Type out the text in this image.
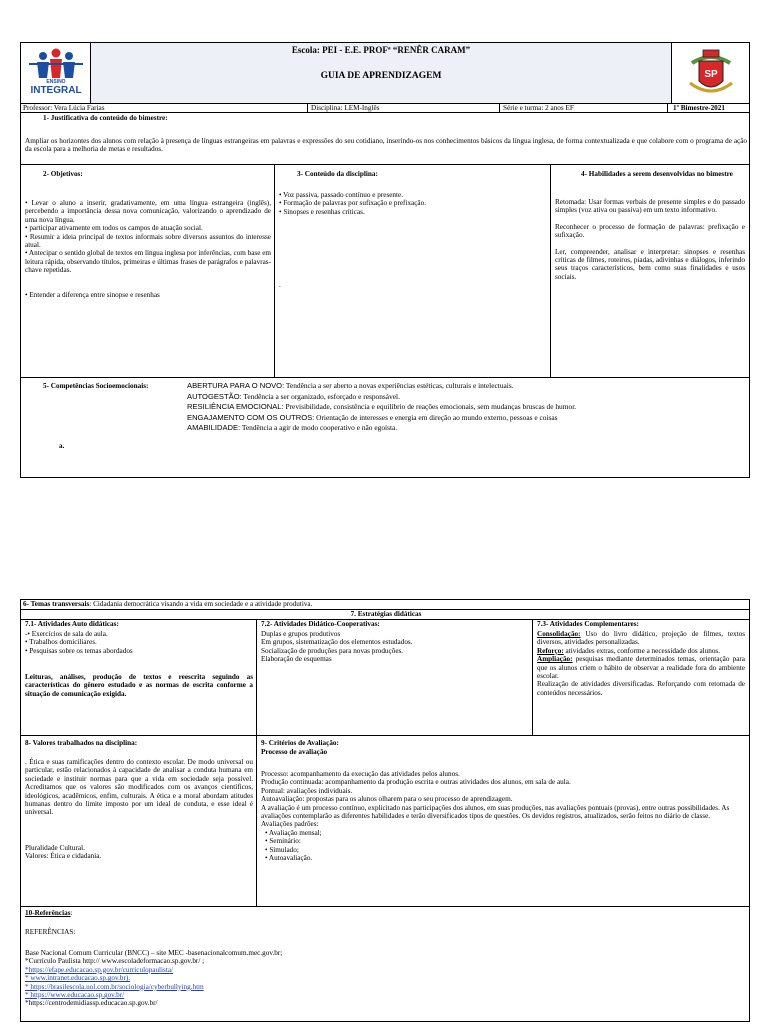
ENSINO
INTEGRAL
Escola: PEI - E.E. PROFª “RENÊR CARAM”
GUIA DE APRENDIZAGEM	SP
Professor: Vera Lúcia Farias	Disciplina: LEM-Inglês	Série e turma: 2 anos EF	1º Bimestre-2021
1- Justificativa do conteúdo do bimestre:
Ampliar os horizontes dos alunos com relação à presença de línguas estrangeiras em palavras e expressões do seu cotidiano, inserindo-os nos conhecimentos básicos da língua inglesa, de forma contextualizada e que colabore com o programa de ação da escola para a melhoria de metas e resultados.
2- Objetivos:

• Levar o aluno a inserir, gradativamente, em uma língua estrangeira (inglês), percebendo a importância dessa nova comunicação, valorizando o aprendizado de uma nova língua.

• participar ativamente em todos os campos de atuação social.

• Resumir a ideia principal de textos informais sobre diversos assuntos do interesse atual.

• Antecipar o sentido global de textos em língua inglesa por inferências, com base em leitura rápida, observando títulos, primeiras e últimas frases de parágrafos e palavras-chave repetidas.

• Entender a diferença entre sinopse e resenhas

3- Conteúdo da disciplina:

• Voz passiva, passado contínuo e presente.

• Formação de palavras por sufixação e prefixação.

• Sinopses e resenhas críticas.

.
4- Habilidades a serem desenvolvidas no bimestre

Retomada: Usar formas verbais de presente simples e do passado simples (voz ativa ou passiva) em um texto informativo.

Reconhecer o processo de formação de palavras: prefixação e sufixação.

Ler, compreender, analisar e interpretar: sinopses e resenhas críticas de filmes, roteiros, piadas, adivinhas e diálogos, inferindo seus traços característicos, bem como suas finalidades e usos sociais.

5- Competências Socioemocionais:	ABERTURA PARA O NOVO: Tendência a ser aberto a novas experiências estéticas, culturais e intelectuais.

AUTOGESTÃO: Tendência a ser organizado, esforçado e responsável.

RESILIÊNCIA EMOCIONAL: Previsibilidade, consistência e equilíbrio de reações emocionais, sem mudanças bruscas de humor.

ENGAJAMENTO COM OS OUTROS: Orientação de interesses e energia em direção ao mundo externo, pessoas e coisas

AMABILIDADE: Tendência a agir de modo cooperativo e não egoísta.

a.
6- Temas transversais: Cidadania democrática visando a vida em sociedade e a atividade produtiva.
7. Estratégias didáticas
7.1- Atividades Auto didáticas:

-• Exercícios de sala de aula.

• Trabalhos domiciliares.

• Pesquisas sobre os temas abordados

Leituras, análises, produção de textos e reescrita seguindo as características do gênero estudado e as normas de escrita conforme a situação de comunicação exigida.
7.2- Atividades Didático-Cooperativas:

Duplas e grupos produtivos

Em grupos, sistematização dos elementos estudados.

Socialização de produções para novas produções.

Elaboração de esquemas

7.3- Atividades Complementares:

Consolidação: Uso do livro didático, projeção de filmes, textos diversos, atividades personalizadas.

Reforço: atividades extras, conforme a necessidade dos alunos.

Ampliação: pesquisas mediante determinados temas, orientação para que os alunos criem o hábito de observar a realidade fora do ambiente escolar.

Realização de atividades diversificadas. Reforçando com retomada de conteúdos necessários.

8- Valores trabalhados na disciplina:
. Ética e suas ramificações dentro do contexto escolar. De modo universal ou particular, estão relacionados à capacidade de analisar a conduta humana em sociedade e instituir normas para que a vida em sociedade seja possível. Acreditamos que os valores são modificados com os avanços científicos, ideológicos, acadêmicos, enfim, culturais. A ética e a moral abordam atitudes humanas dentro do limite imposto por um ideal de conduta, e esse ideal é universal.

Pluralidade Cultural.

Valores: Ética e cidadania.

9- Critérios de Avaliação:
Processo de avaliação

Processo: acompanhamento da execução das atividades pelos alunos.

Produção continuada: acompanhamento da produção escrita e outras atividades dos alunos, em sala de aula.

Pontual: avaliações individuais.

Autoavaliação: propostas para os alunos olharem para o seu processo de aprendizagem.

A avaliação é um processo contínuo, explicitado nas participações dos alunos, em suas produções, nas avaliações pontuais (provas), entre outras possibilidades. As avaliações contemplarão as diferentes habilidades e terão diversificados tipos de questões. Os devidos registros, atualizados, serão feitos no diário de classe.

Avaliações padrões:

• Avaliação mensal;
• Seminário:
• Simulado;
• Autoavaliação.
10-Referências:
REFERÊNCIAS:

Base Nacional Comum Curricular (BNCC) – site MEC -basenacionalcomum.mec.gov.br;

*Currículo Paulista http:// www.escoladeformacao.sp.gov.br/ ;

*https://efape.educacao.sp.gov.br/curriculopaulista/

* www.intranet.educacao.sp.gov.br).

* https://brasilescola.uol.com.br/sociologia/cyberbullying.htm

* https://www.educacao.sp.gov.br/

*https://centrodemidiassp.educacao.sp.gov.br/
